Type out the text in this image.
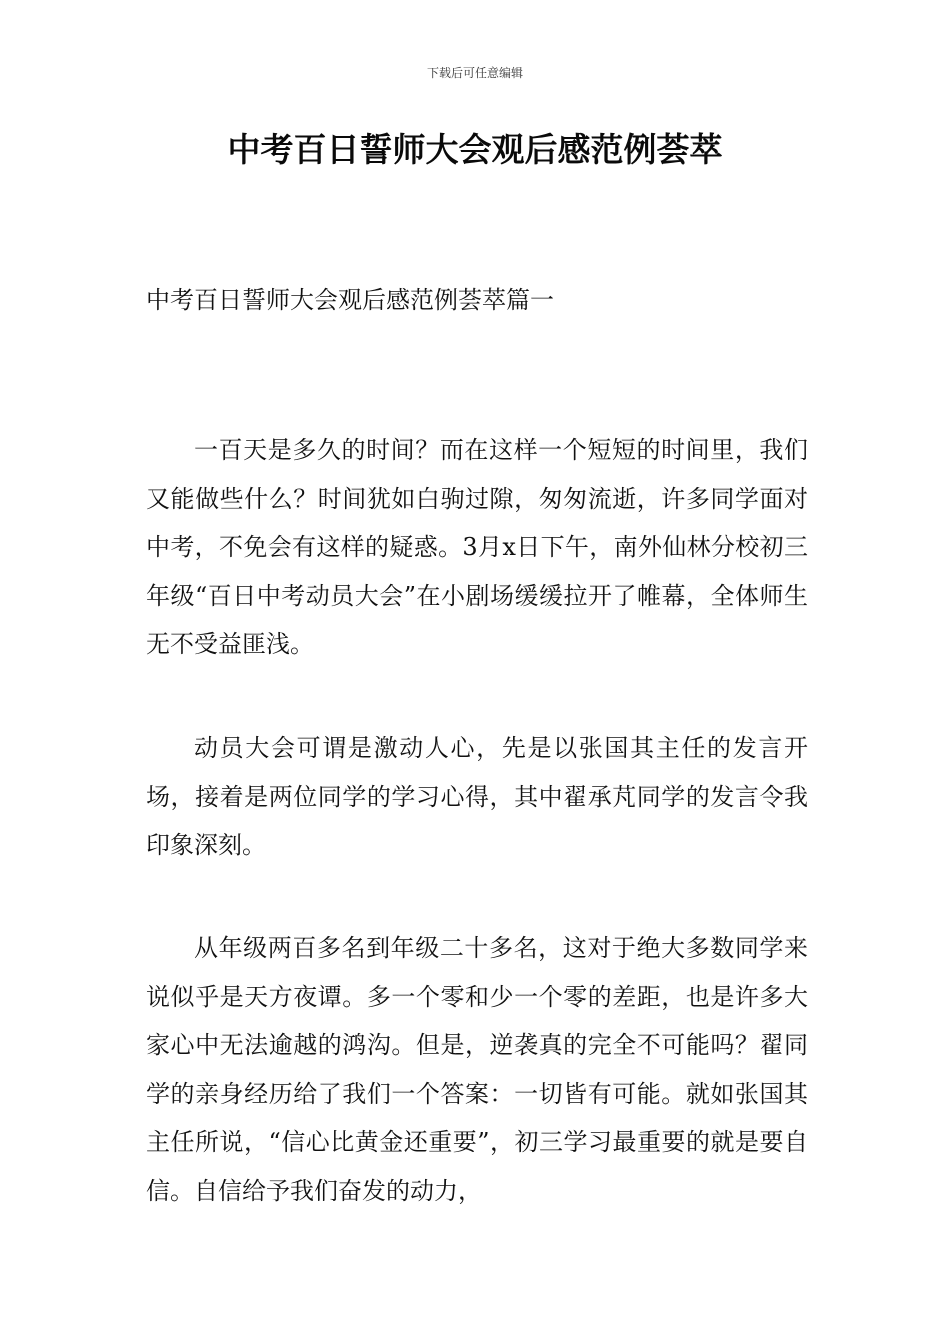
下载后可任意编辑
中考百日誓师大会观后感范例荟萃
中考百日誓师大会观后感范例荟萃篇一

一百天是多久的时间？而在这样一个短短的时间里，我们又能做些什么？时间犹如白驹过隙，匆匆流逝，许多同学面对中考，不免会有这样的疑惑。3月x日下午，南外仙林分校初三年级“百日中考动员大会”在小剧场缓缓拉开了帷幕，全体师生无不受益匪浅。

动员大会可谓是激动人心，先是以张国其主任的发言开场，接着是两位同学的学习心得，其中翟承芃同学的发言令我印象深刻。

从年级两百多名到年级二十多名，这对于绝大多数同学来说似乎是天方夜谭。多一个零和少一个零的差距，也是许多大家心中无法逾越的鸿沟。但是，逆袭真的完全不可能吗？翟同学的亲身经历给了我们一个答案：一切皆有可能。就如张国其主任所说，“信心比黄金还重要”，初三学习最重要的就是要自信。自信给予我们奋发的动力，
